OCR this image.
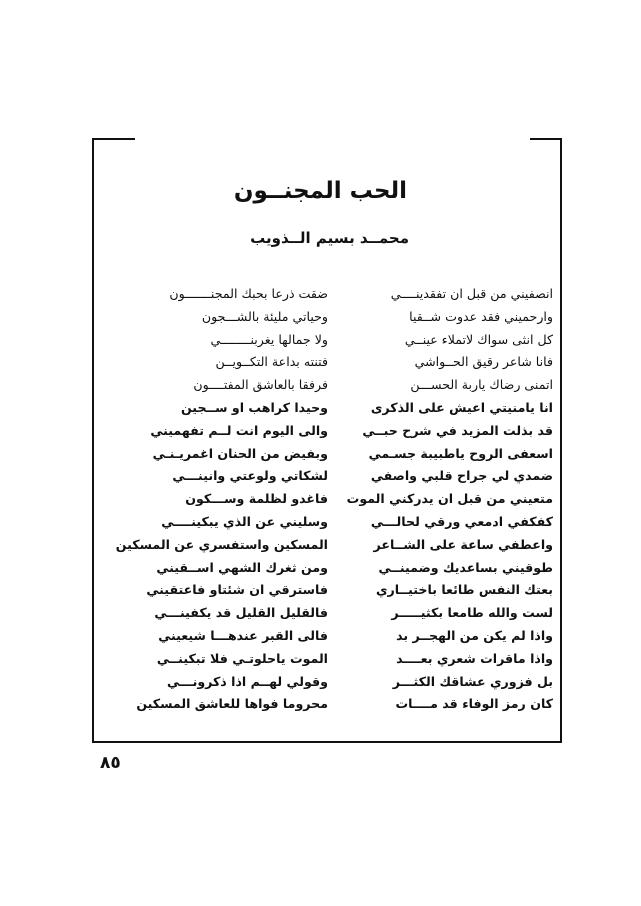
الحب المجنــون
محمــد بسيم الــذويب
انصفيني من قبل ان تفقدينــــي
وارحميني فقد عدوت شــقيا
كل انثى سواك لاتملاء عينــي
فانا شاعر رقيق الحــواشي
اتمنى رضاك ياربة الحســـن
انا يامنيتي اعيش على الذكرى
قد بذلت المزيد في شرح حبــي
اسعفى الروح ياطبيبة جسـمي
ضمدي لي جراح قلبي واصفي
متعيني من قبل ان يدركني الموت
كفكفي ادمعي ورقي لحالـــي
واعطفي ساعة على الشــاعر
طوقيني بساعديك وضمينــي
بعتك النفس طائعا باختيــاري
لست والله طامعا بكثيـــــر
واذا لم يكن من الهجــر بد
واذا ماقرات شعري بعــــد
بل فزوري عشاقك الكثـــر
كان رمز الوفاء قد مــــات
ضقت ذرعا بحبك المجنـــــــون
وحياتي مليئة بالشـــجون
ولا جمالها يغربنــــــــي
فتنته بداعة التكــويــن
فرفقا بالعاشق المفتــــون
وحيدا كراهب او ســجين
والى اليوم انت لــم تفهميني
وبفيض من الحنان اغمريـنـي
لشكاتي ولوعتي وانينـــي
فاغدو لظلمة وســـكون
وسليني عن الذي يبكينــــي
المسكين واستفسري عن المسكين
ومن ثغرك الشهي اســقيني
فاسترقي ان شئتاو فاعتقيني
فالقليل القليل قد يكفينـــي
فالى القبر عندهـــا شيعيني
الموت ياحلوتـي فلا تبكينــي
وقولي لهــم اذا ذكرونـــي
محروما فواها للعاشق المسكين
٨٥
